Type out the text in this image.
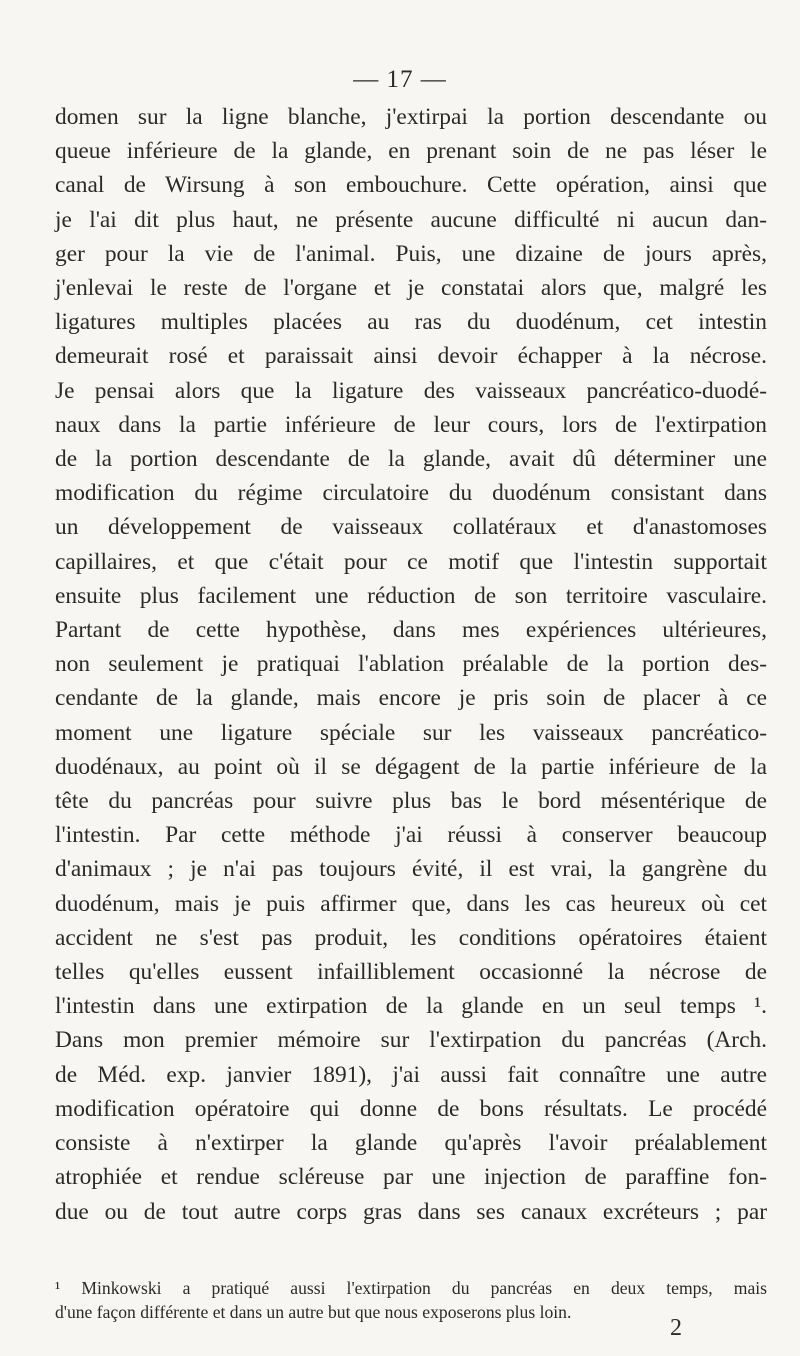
— 17 —
domen sur la ligne blanche, j'extirpai la portion descendante ou
queue inférieure de la glande, en prenant soin de ne pas léser le
canal de Wirsung à son embouchure. Cette opération, ainsi que
je l'ai dit plus haut, ne présente aucune difficulté ni aucun dan-
ger pour la vie de l'animal. Puis, une dizaine de jours après,
j'enlevai le reste de l'organe et je constatai alors que, malgré les
ligatures multiples placées au ras du duodénum, cet intestin
demeurait rosé et paraissait ainsi devoir échapper à la nécrose.
Je pensai alors que la ligature des vaisseaux pancréatico-duodé-
naux dans la partie inférieure de leur cours, lors de l'extirpation
de la portion descendante de la glande, avait dû déterminer une
modification du régime circulatoire du duodénum consistant dans
un développement de vaisseaux collatéraux et d'anastomoses
capillaires, et que c'était pour ce motif que l'intestin supportait
ensuite plus facilement une réduction de son territoire vasculaire.
Partant de cette hypothèse, dans mes expériences ultérieures,
non seulement je pratiquai l'ablation préalable de la portion des-
cendante de la glande, mais encore je pris soin de placer à ce
moment une ligature spéciale sur les vaisseaux pancréatico-
duodénaux, au point où il se dégagent de la partie inférieure de la
tête du pancréas pour suivre plus bas le bord mésentérique de
l'intestin. Par cette méthode j'ai réussi à conserver beaucoup
d'animaux ; je n'ai pas toujours évité, il est vrai, la gangrène du
duodénum, mais je puis affirmer que, dans les cas heureux où cet
accident ne s'est pas produit, les conditions opératoires étaient
telles qu'elles eussent infailliblement occasionné la nécrose de
l'intestin dans une extirpation de la glande en un seul temps ¹.
Dans mon premier mémoire sur l'extirpation du pancréas (Arch.
de Méd. exp. janvier 1891), j'ai aussi fait connaître une autre
modification opératoire qui donne de bons résultats. Le procédé
consiste à n'extirper la glande qu'après l'avoir préalablement
atrophiée et rendue scléreuse par une injection de paraffine fon-
due ou de tout autre corps gras dans ses canaux excréteurs ; par
¹ Minkowski a pratiqué aussi l'extirpation du pancréas en deux temps, mais
d'une façon différente et dans un autre but que nous exposerons plus loin.
2
